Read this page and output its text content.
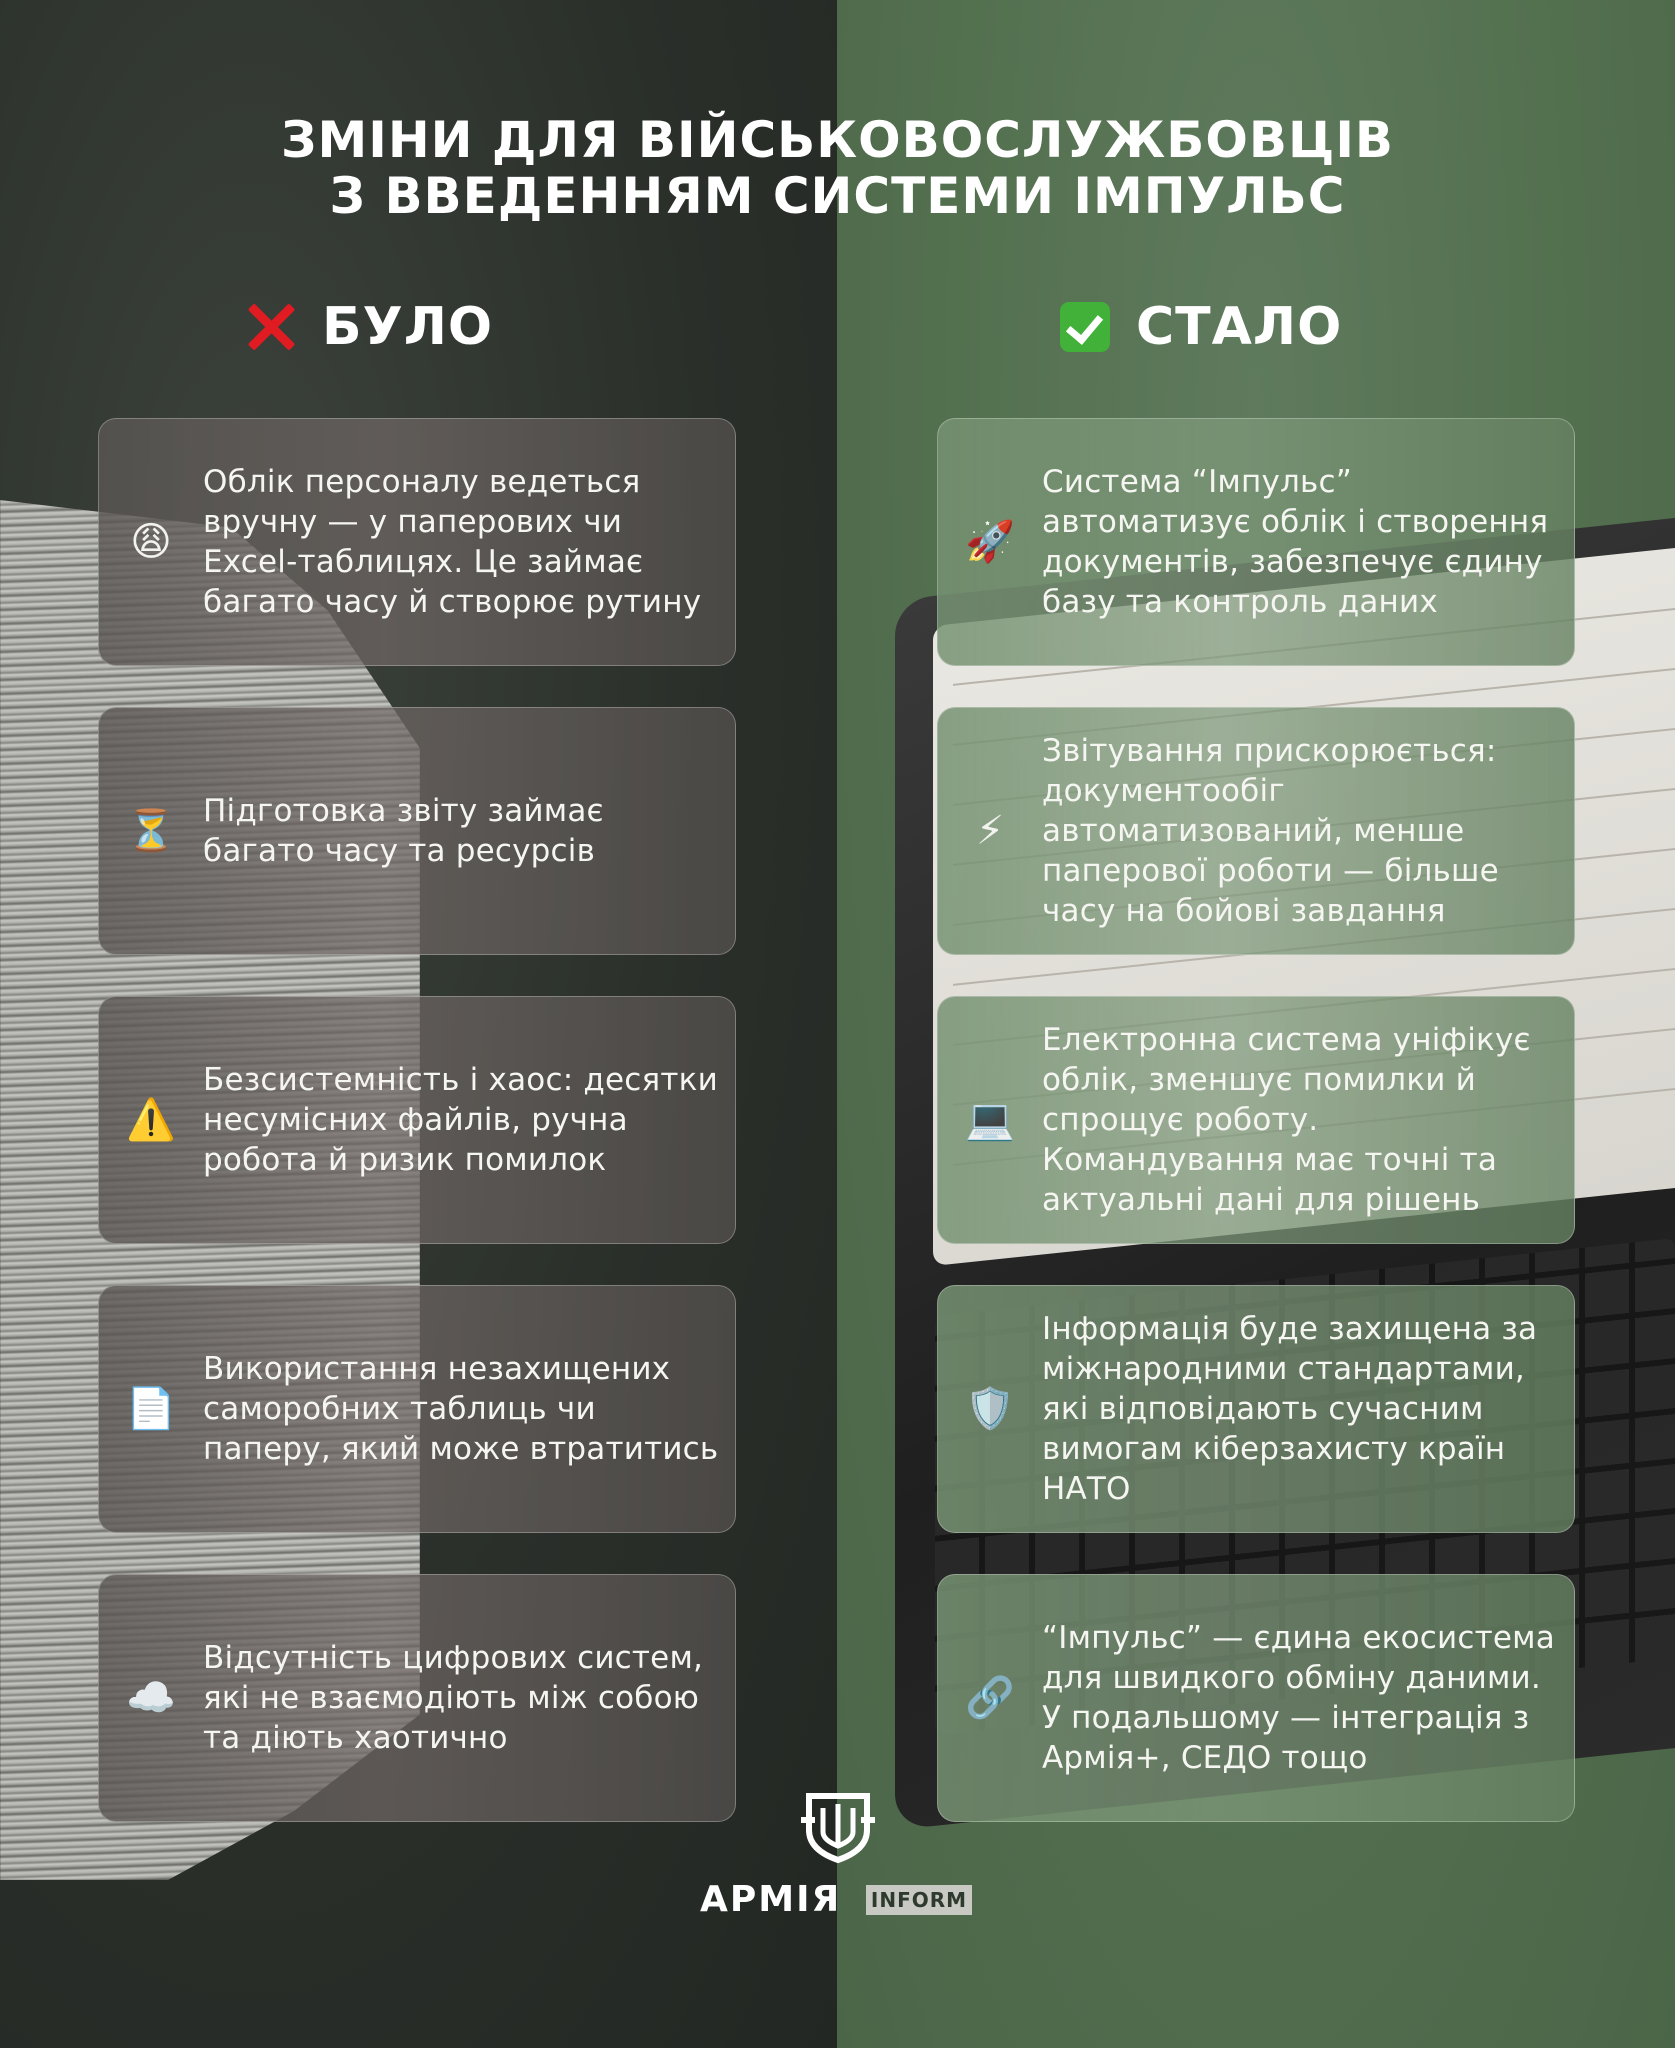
ЗМІНИ ДЛЯ ВІЙСЬКОВОСЛУЖБОВЦІВ
З ВВЕДЕННЯМ СИСТЕМИ ІМПУЛЬС
БУЛО	СТАЛО
😩
Облік персоналу ведеться вручну — у паперових чи Excel-таблицях. Це займає багато часу й створює рутину
⏳ Підготовка звіту займає багато часу та ресурсів
⚠️
Безсистемність і хаос: десятки несумісних файлів, ручна робота й ризик помилок
📄
Використання незахищених саморобних таблиць чи паперу, який може втратитись
☁️
Відсутність цифрових систем, які не взаємодіють між собою та діють хаотично
🚀
Система “Імпульс” автоматизує облік і створення документів, забезпечує єдину базу та контроль даних
⚡
Звітування прискорюється: документообіг автоматизований, менше паперової роботи — більше часу на бойові завдання
💻
Електронна система уніфікує облік, зменшує помилки й спрощує роботу. Командування має точні та актуальні дані для рішень
🛡️
Інформація буде захищена за міжнародними стандартами, які відповідають сучасним вимогам кіберзахисту країн НАТО
🔗
“Імпульс” — єдина екосистема для швидкого обміну даними. У подальшому — інтеграція з Армія+, СЕДО тощо
АРМІЯ INFORM
